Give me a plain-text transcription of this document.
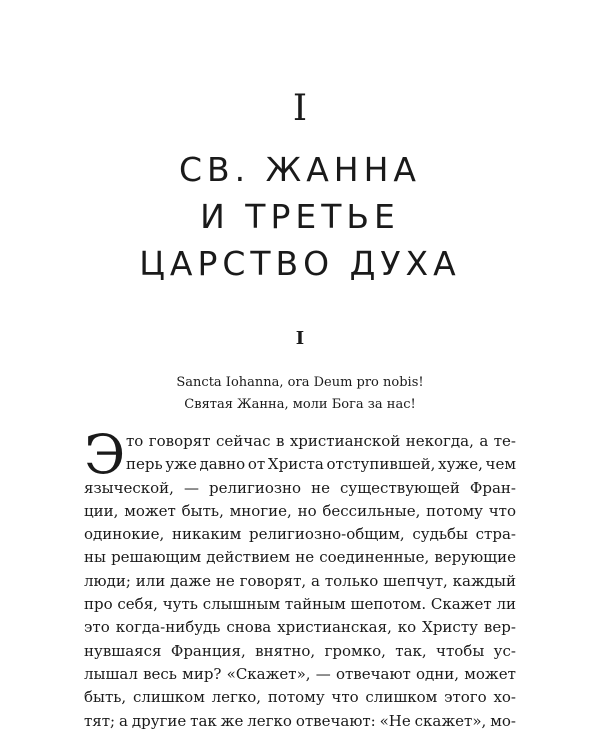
I
СВ. ЖАННА
И ТРЕТЬЕ
ЦАРСТВО ДУХА
I
Sancta Iohanna, ora Deum pro nobis!
Святая Жанна, моли Бога за нас!
Э то говорят сейчас в христианской некогда, а те-
перь уже давно от Христа отступившей, хуже, чем
языческой, — религиозно не существующей Фран-
ции, может быть, многие, но бессильные, потому что
одинокие, никаким религиозно-общим, судьбы стра-
ны решающим действием не соединенные, верующие
люди; или даже не говорят, а только шепчут, каждый
про себя, чуть слышным тайным шепотом. Скажет ли
это когда-нибудь снова христианская, ко Христу вер-
нувшаяся Франция, внятно, громко, так, чтобы ус-
лышал весь мир? «Скажет», — отвечают одни, может
быть, слишком легко, потому что слишком этого хо-
тят; а другие так же легко отвечают: «Не скажет», мо-
